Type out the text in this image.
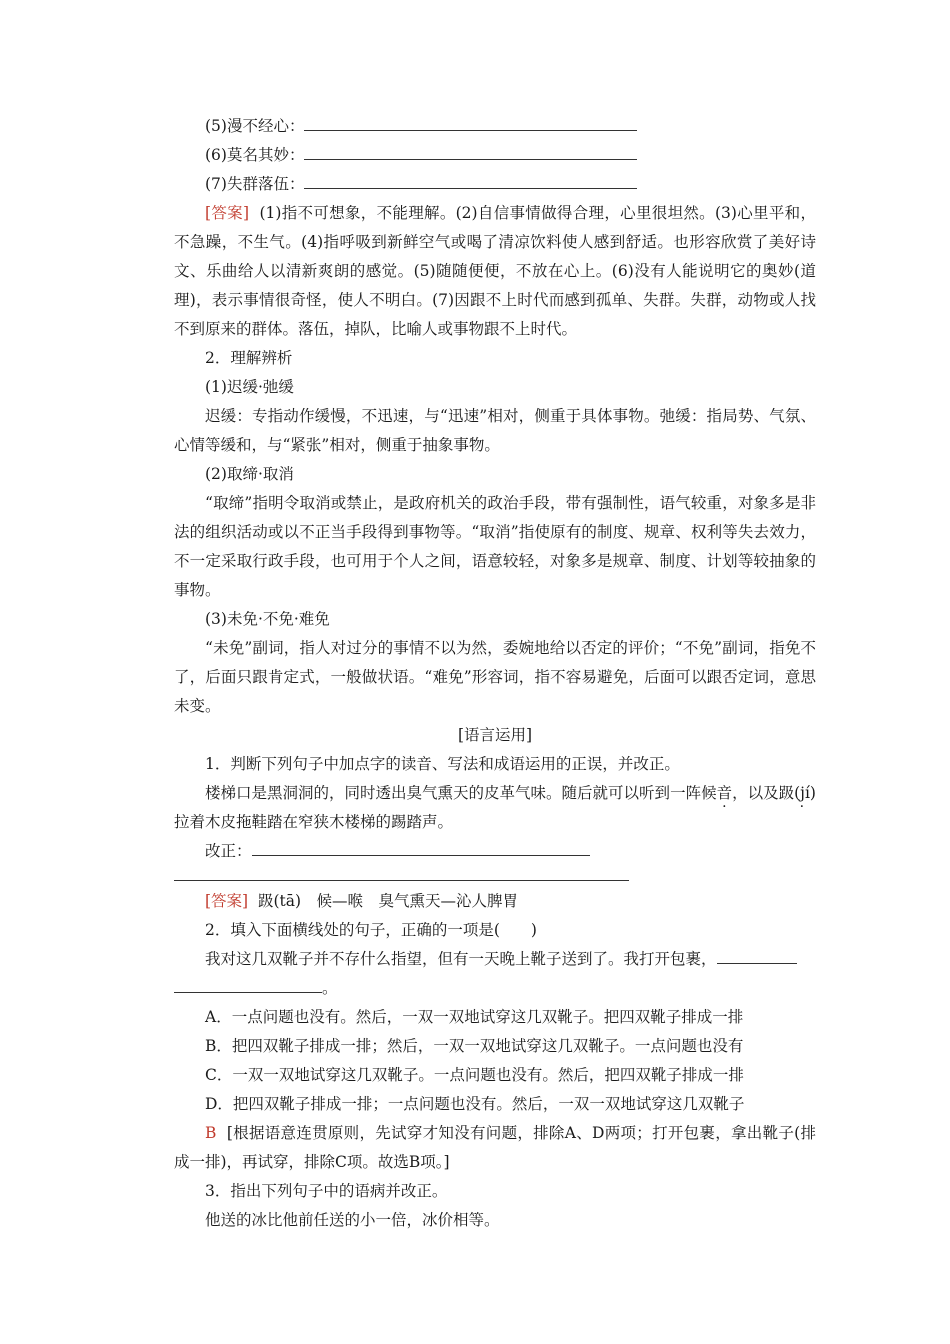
(5)漫不经心：
(6)莫名其妙：
(7)失群落伍：
[答案] (1)指不可想象，不能理解。(2)自信事情做得合理，心里很坦然。(3)心里平和，不急躁，不生气。(4)指呼吸到新鲜空气或喝了清凉饮料使人感到舒适。也形容欣赏了美好诗文、乐曲给人以清新爽朗的感觉。(5)随随便便，不放在心上。(6)没有人能说明它的奥妙(道理)，表示事情很奇怪，使人不明白。(7)因跟不上时代而感到孤单、失群。失群，动物或人找不到原来的群体。落伍，掉队，比喻人或事物跟不上时代。
2．理解辨析
(1)迟缓·弛缓
迟缓：专指动作缓慢，不迅速，与“迅速”相对，侧重于具体事物。弛缓：指局势、气氛、心情等缓和，与“紧张”相对，侧重于抽象事物。
(2)取缔·取消
“取缔”指明令取消或禁止，是政府机关的政治手段，带有强制性，语气较重，对象多是非法的组织活动或以不正当手段得到事物等。“取消”指使原有的制度、规章、权利等失去效力，不一定采取行政手段，也可用于个人之间，语意较轻，对象多是规章、制度、计划等较抽象的事物。
(3)未免·不免·难免
“未免”副词，指人对过分的事情不以为然，委婉地给以否定的评价；“不免”副词，指免不了，后面只跟肯定式，一般做状语。“难免”形容词，指不容易避免，后面可以跟否定词，意思未变。
[语言运用]
1．判断下列句子中加点字的读音、写法和成语运用的正误，并改正。
楼梯口是黑洞洞的，同时透出臭气熏天的皮革气味。随后就可以听到一阵候音，以及趿(jí)拉着木皮拖鞋踏在窄狭木楼梯的踢踏声。
改正：
[答案] 趿(tā)　候—喉　臭气熏天—沁人脾胃
2．填入下面横线处的句子，正确的一项是(　　)
我对这几双靴子并不存什么指望，但有一天晚上靴子送到了。我打开包裹，
。
A．一点问题也没有。然后，一双一双地试穿这几双靴子。把四双靴子排成一排
B．把四双靴子排成一排；然后，一双一双地试穿这几双靴子。一点问题也没有
C．一双一双地试穿这几双靴子。一点问题也没有。然后，把四双靴子排成一排
D．把四双靴子排成一排；一点问题也没有。然后，一双一双地试穿这几双靴子
B [根据语意连贯原则，先试穿才知没有问题，排除A、D两项；打开包裹，拿出靴子(排成一排)，再试穿，排除C项。故选B项。]
3．指出下列句子中的语病并改正。
他送的冰比他前任送的小一倍，冰价相等。
